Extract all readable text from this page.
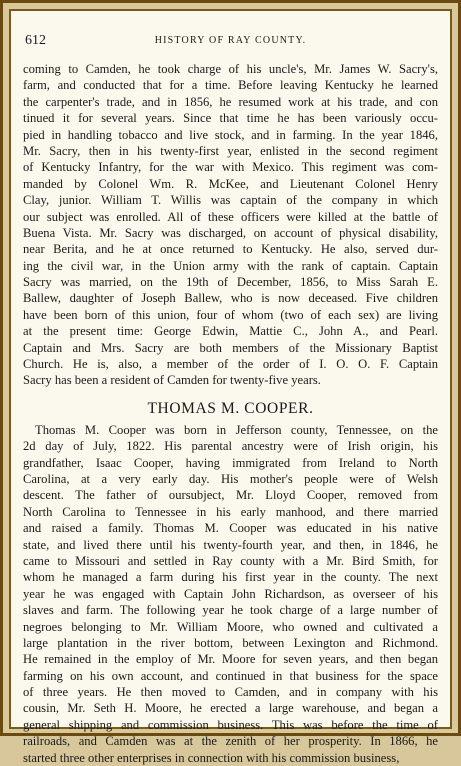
612	HISTORY OF RAY COUNTY.
coming to Camden, he took charge of his uncle's, Mr. James W. Sacry's,
farm, and conducted that for a time. Before leaving Kentucky he learned
the carpenter's trade, and in 1856, he resumed work at his trade, and con
tinued it for several years. Since that time he has been variously occu-
pied in handling tobacco and live stock, and in farming. In the year 1846,
Mr. Sacry, then in his twenty-first year, enlisted in the second regiment
of Kentucky Infantry, for the war with Mexico. This regiment was com-
manded by Colonel Wm. R. McKee, and Lieutenant Colonel Henry
Clay, junior. William T. Willis was captain of the company in which
our subject was enrolled. All of these officers were killed at the battle of
Buena Vista. Mr. Sacry was discharged, on account of physical disability,
near Berita, and he at once returned to Kentucky. He also, served dur-
ing the civil war, in the Union army with the rank of captain. Captain
Sacry was married, on the 19th of December, 1856, to Miss Sarah E.
Ballew, daughter of Joseph Ballew, who is now deceased. Five children
have been born of this union, four of whom (two of each sex) are living
at the present time: George Edwin, Mattie C., John A., and Pearl.
Captain and Mrs. Sacry are both members of the Missionary Baptist
Church. He is, also, a member of the order of I. O. O. F. Captain
Sacry has been a resident of Camden for twenty-five years.
THOMAS M. COOPER.
Thomas M. Cooper was born in Jefferson county, Tennessee, on the
2d day of July, 1822. His parental ancestry were of Irish origin, his
grandfather, Isaac Cooper, having immigrated from Ireland to North
Carolina, at a very early day. His mother's people were of Welsh
descent. The father of oursubject, Mr. Lloyd Cooper, removed from
North Carolina to Tennessee in his early manhood, and there married
and raised a family. Thomas M. Cooper was educated in his native
state, and lived there until his twenty-fourth year, and then, in 1846, he
came to Missouri and settled in Ray county with a Mr. Bird Smith, for
whom he managed a farm during his first year in the county. The next
year he was engaged with Captain John Richardson, as overseer of his
slaves and farm. The following year he took charge of a large number of
negroes belonging to Mr. William Moore, who owned and cultivated a
large plantation in the river bottom, between Lexington and Richmond.
He remained in the employ of Mr. Moore for seven years, and then began
farming on his own account, and continued in that business for the space
of three years. He then moved to Camden, and in company with his
cousin, Mr. Seth H. Moore, he erected a large warehouse, and began a
general shipping and commission business. This was before the time of
railroads, and Camden was at the zenith of her prosperity. In 1866, he
started three other enterprises in connection with his commission business,
